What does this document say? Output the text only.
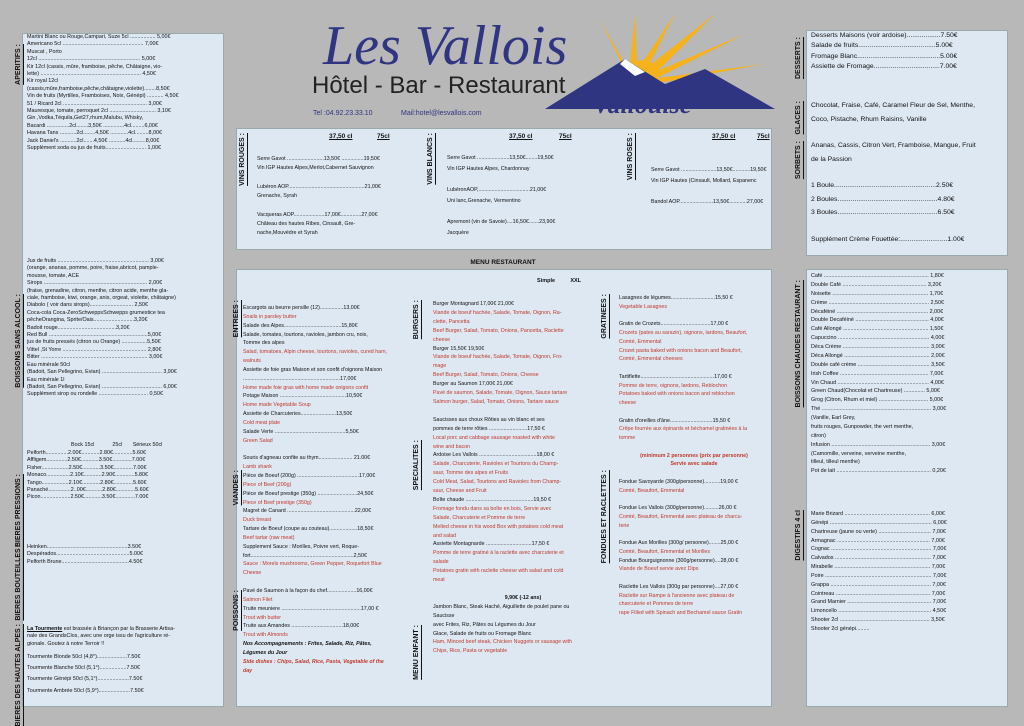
APERITIFS :
Martini Blanc ou Rouge,Campari, Suze 5cl ................. 5,00€
Americano 5cl ...................................................... 7,00€
Muscat , Porto
12cl .................................................................... 5,00€
Kir 12cl (cassis, mûre, framboise, pêche, Châtaigne, vio-
lette) ................................................................... 4,50€
Kir royal 12cl
(cassis,mûre,framboise,pêche,châtaigne,violette)........8,50€
Vin de fruits (Myrtilles, Framboises, Noix, Génépi) ........... 4,50€
51 / Ricard 2cl ........................................................ 3,00€
Mauresque, tomate, perroquet 2cl ............................... 3,10€
Gin ,Vodka,Téquila,Get27,rhum,Malubu, Whisky,
Bacardi ...............2cl........3,50€ ..............4cl.........6,00€
Havana Tans ...........2cl........4,50€ ............4cl.........8,00€
Jack Daniel's ...........2cl.......4,50€ ...........4cl.........8,00€
Supplément soda ou jus de fruits........................... 1,00€
BOISSONS SANS ALCOOL :
Jus de fruits ............................................................. 3,00€
(orange, ananas, pomme, poire, fraise,abricot, pample-
mousse, tomate, ACE
Sirops ..................................................................... 2,00€
(fraise, grenadine, citron, menthe, citron acide, menthe gla-
ciale, framboise, kiwi, orange, anis, orgeat, violette, châtaigne)
Diabolo ( voir dans sirops)............................. 2,50€
Coca-cola Coca-ZeroSchweppsSchwepps grumestice tea
pêcheOrangina, Sprite/Oais...........................3,20€
Badoit rouge.......................................3,20€
Red Bull ..................................................................5,00€
jus de fruits pressés (citron ou Orange) .................5,50€
Vittel ,St Yorre ........................................................ 2,80€
Bitter ....................................................................... 3,00€
Eau minérale 50cl
(Badoit, San Pellegrino, Evian) ........................................ 3,90€
Eau minérale 1l
(Badoit, San Pellegrino, Evian) ........................................ 6,00€
Supplément sirop ou rondelle ................................. 0,50€
BIERES PRESSIONS :
Bock 15cl            25cl       Sérieux 50cl
Pelforth...............2.00€............2.80€.............5.60€
Affligem..............2.50€............3.50€.............7.00€
Fisher..................2.50€............3.50€.............7.00€
Monaco................2.10€............2.90€.............5.80€
Tango..................2.10€............2.80€.............5.60€
Panaché...............2..00€...........2.80€.............5.60€
Picon....................2.50€............3.50€.............7.00€
BIERES BOUTEILLES : Heinken......................................................3.50€
Despérados.................................................5.00€
Pelforth Brune.............................................4.50€
BIERES DES HAUTES ALPES : La Tourmente est brassée à Briançon par la Brasserie Artisa-
nale des GrandsClos, avec une orge issu de l'agriculture ré-
gionale. Goutez à notre Terroir !!
Tourmente Blonde 50cl (4,8°)....................7.50€
Tourmente Blanche 50cl (5,1°)..................7.50€
Tourmente Génépi 50cl (5,1°).....................7.50€
Tourmente Ambrée 50cl (5,9°).....................7.50€
Les Vallois
Hôtel - Bar - Restaurant
Vallouise
Tel :04.92.23.33.10	Mail:hotel@lesvallois.com
VINS ROUGES :	37,50 cl	75cl
Serre Gavot .........................13,50€ ...............19,50€
Vin IGP Hautes Alpes,Merlot,Cabernet Sauvignon

Lubéron AOP....................................................21,00€
Grenache, Syrah

Vacqueras AOP.....................17,00€..............27,00€
Château des hautes Ribes, Cinsault, Gre-
nache,Mouvèdre et Syrah
VINS BLANCS :	37,50 cl	75cl
Serre Gavot ......................13,50€........19,50€
Vin IGP Hautes Alpes, Chardonnay

LubéronAOP,...................................21,00€
Uni lanc,Grenache, Vermentino

Apremont (vin de Savoie)....16,50€.......23,90€
Jacquère
VINS ROSES :	37,50 cl	75cl
Serre Gavot ........................13,50€............19,50€
Vin IGP Hautes (Cinsault, Mollard, Espanenc

Bandol AOP.......................13,50€............27,00€
MENU RESTAURANT
Simple          XXL
ENTREES :
VIANDES :
POISSONS :
Escargots au beurre persille (12)................13,00€
Snails in parsley butter
Salade des Alpes.......................................15,80€
Salade, tomates, tourtons, ravioles, jambon cru, noix,
Tomme des alpes
Salad, tomatoes, Alpin cheese, tourtons, ravioles, cured ham,
walnuts
Assiette de foie gras Maison et son confit d'oignons Maison
..................................................................17,00€
Home made foie gras with home made onigons confit
Potage Maison .............................................10,50€
Home made Vegetable Soup
Assiette de Charcuteries........................13,50€
Cold meat plate
Salade Verte ................................................5,50€
Green Salad

Souris d'agneau confite au thym....................... 21.00€
Lamb shank
Pièce de Boeuf (200g) ..........................................17,00€
Piece of Beef (200g)
Pièce de Boeuf prestige (350g) ...........................24,50€
Piece of Beef prestige (350g)
Magret de Canard ..............................................22,00€
Duck breast
Tartare de Boeuf (coupe au couteau)...................18,50€
Beef tartar (raw meat)
Supplement Sauce : Morilles, Poivre vert, Roque-
fort......................................................................2,50€
Sauce : Morels mushrooms, Green Pepper, Roquefort Blue
Cheese

Pavé de Saumon à la façon du chef....................16,00€
Salmon Filet
Truite meuniere ......................................................17,00 €
Trout with butter
Truite aux Amandes ...................................18,00€
Trout with Almonds
Nos Accompagnements : Frites, Salade, Riz, Pâtes,
Légumes du Jour
Side dishes : Chips, Salad, Rice, Pasta, Vegetable of the
day
BURGERS :
SPECIALITES :
MENU ENFANT :
Burger Montagnard 17,00€ 21,00€
Viande de boeuf hachée, Salade, Tomate, Oignon, Ra-
clette, Pancetta
Beef Burger, Salad, Tomato, Onions, Pancetta, Raclette
cheese
Burger 15,50€ 19,50€
Viande de boeuf hachée, Salade, Tomate, Oignon, Fro-
mage
Beef Burger, Salad, Tomato, Onions, Cheese
Burger au Saumon 17,00€ 21,00€
Pavé de saumon, Salade, Tomate, Oignon, Sauce tartare
Salmon burger, Salad, Tomato, Onions, Tartare sauce

Saucisses aux choux Rôties au vin blanc et ses
pommes de terre rôties ..........................17,50 €
Local porc and cabbage sausage roasted with white
wine and bacon
Ardoise Les Vallois .......................................18,00 €
Salade, Charcuterie, Ravioles et Tourtons du Champ-
saur, Tomme des alpes et Fruits
Cold Meat, Salad, Tourtons and Ravioles from Champ-
saur, Cheese and Fruit
Boîte chaude ..............................................19,50 €
Fromage fondu dans sa boîte en bois, Servie avec
Salade, Charcuterie et Pomme de terre
Melted cheese in his wood Box with potatoes cold meat
and salad
Assiette Montagnarde ...............................17,50 €
Pomme de terre gratiné à la raclette avec charcuterie et
salade
Potatoes gratin with raclette cheese with salad and cold
meat

9,90€ (-12 ans)
Jambon Blanc, Steak Haché, Aiguillette de poulet pane ou
Saucisse
avec Frites, Riz, Pâtes ou Légumes du Jour
Glace, Salade de fruits ou Fromage Blanc
Ham, Minced beef steak, Chicken Nuggets or sausage with
Chips, Rice, Pasta or vegetable
GRATINEES :
FONDUES ET RACLETTES :
Lasagnes de légumes..............................15,50 €
Vegetable Lasagnes

Gratin de Crozets..................................17,00 €
Crozets (pates au sarazin), oignons, lardons, Beaufort,
Comté, Emmental
Crozet pasta baked with onions bacon and Beaufort,
Comté, Emmental cheeses

Tartiflette..................................................17,00 €
Pomme de terre, oignons, lardons, Reblochon
Potatoes baked with onions bacon and reblochon
cheese

Gratin d'oreilles d'âne.............................15,50 €
Crêpe fourrée aux épinards et béchamel gratinées à la
tomme

(minimum 2 personnes (prix par personne)
Servie avec salade

Fondue Savoyarde (300g/personne)...........19,00 €
Comté, Beaufort, Emmental

Fondue Les Vallois (300g/personne)..........26,00 €
Comté, Beaufort, Emmental avec plateau de charcu-
terie

Fondue Aux Morilles (300g/ personne)........25,00 €
Comté, Beaufort, Emmental et Morilles
Fondue Bourguignonne (300g/personne)....28,00 €
Viande de Boeuf servie avec Dips

Raclette Les Vallois (300g par personne)....27,00 €
Raclette sur Rampe à l'ancienne avec plateau de
charcuterie et Pommes de terre
rape Filled with Spinach and Bechamel sauce Gratin
DESSERTS :
Desserts Maisons (voir ardoise)..................7.50€
Salade de fruits.........................................5.00€
Fromage Blanc............................................5.00€
Assiette de Fromage...................................7.00€
GLACES : Chocolat, Fraise, Café, Caramel Fleur de Sel, Menthe,
Coco, Pistache, Rhum Raisins, Vanille
SORBETS : Ananas, Cassis, Citron Vert, Framboise, Mangue, Fruit
de la Passion
1 Boule......................................................2.50€
2 Boules.....................................................4.80€
3 Boules.....................................................6.50€

Supplément Crème Fouettée:.........................1.00€
BOISSONS CHAUDES RESTAURANT :
Café ...................................................................... 1,80€
Double Café ........................................................ 3,20€
Noisette ................................................................ 1,70€
Crème ................................................................... 2,50€
Décaféiné ............................................................. 2,00€
Double Decaféiné ................................................. 4,00€
Café Allongé ......................................................... 1,50€
Capuccino ............................................................. 4,00€
Déca Crème .......................................................... 3,00€
Déca Allongé ......................................................... 2,00€
Double café crème ................................................ 3,50€
Irish Coffee ........................................................... 7,00€
Vin Chaud ............................................................. 4,00€
Green Chaud(Chocolat et Chartreuse) .............. 5,00€
Grog (Citron, Rhum et miel) ................................. 5,00€
Thé ......................................................................... 3,00€
(Vanille, Earl Grey,
fruits rouges, Gunpowder, the vert menthe,
citron)
Infusion .................................................................. 3,00€
(Camomille, verveine, verveine menthe,
tilleul, tilleul menthe)
Pot de lait ............................................................... 0,20€
DIGESTIFS 4 cl Marie Brizard ......................................................... 6,00€
Génépi .................................................................... 6,00€
Chartreuse (jaune ou verte) ................................... 7,00€
Armagnac .............................................................. 7,00€
Cognac ................................................................... 7,00€
Calvados ................................................................ 7,00€
Mirabelle ................................................................ 7,00€
Poire ....................................................................... 7,00€
Grappa ................................................................... 7,00€
Cointreau ............................................................... 7,00€
Grand Marnier ........................................................ 7,00€
Limoncello .............................................................. 4,50€
Shooter 2cl ............................................................ 3,50€
Shooter 2cl génépi.........
